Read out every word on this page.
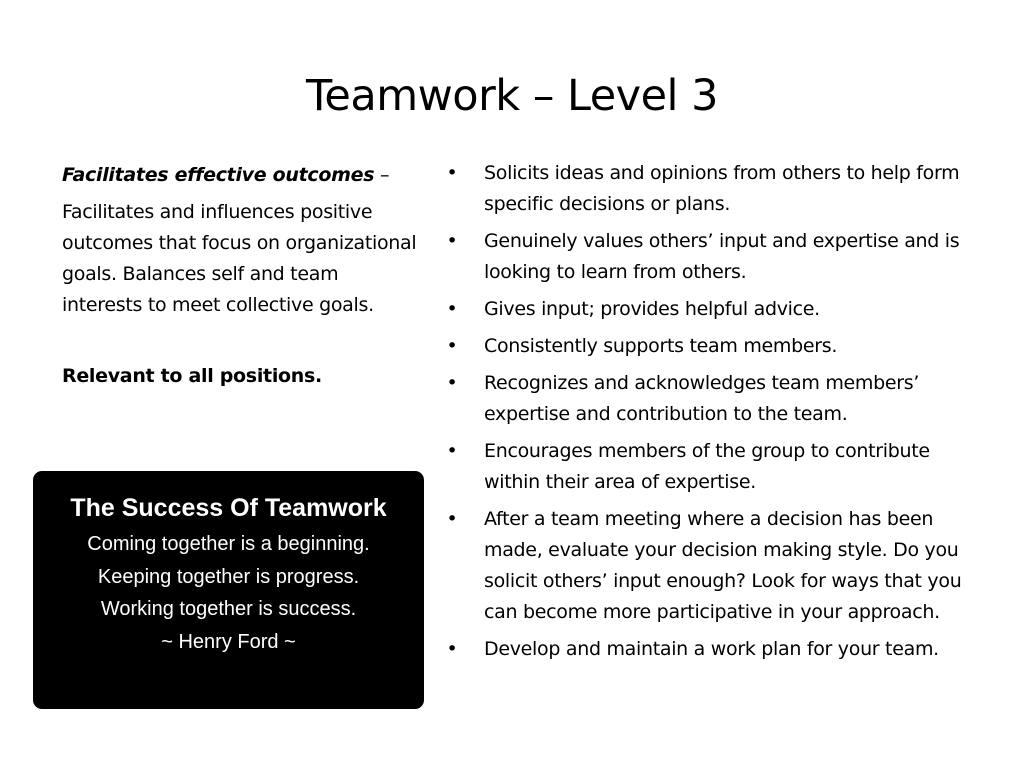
Teamwork – Level 3

Facilitates effective outcomes –

Facilitates and influences positive outcomes that focus on organizational goals. Balances self and team interests to meet collective goals.

Relevant to all positions.

The Success Of Teamwork

Coming together is a beginning.

Keeping together is progress.

Working together is success.

~ Henry Ford ~

• Solicits ideas and opinions from others to help form specific decisions or plans.
• Genuinely values others’ input and expertise and is looking to learn from others.
• Gives input; provides helpful advice.
• Consistently supports team members.
• Recognizes and acknowledges team members’ expertise and contribution to the team.
• Encourages members of the group to contribute within their area of expertise.
• After a team meeting where a decision has been made, evaluate your decision making style. Do you solicit others’ input enough? Look for ways that you can become more participative in your approach.
• Develop and maintain a work plan for your team.
